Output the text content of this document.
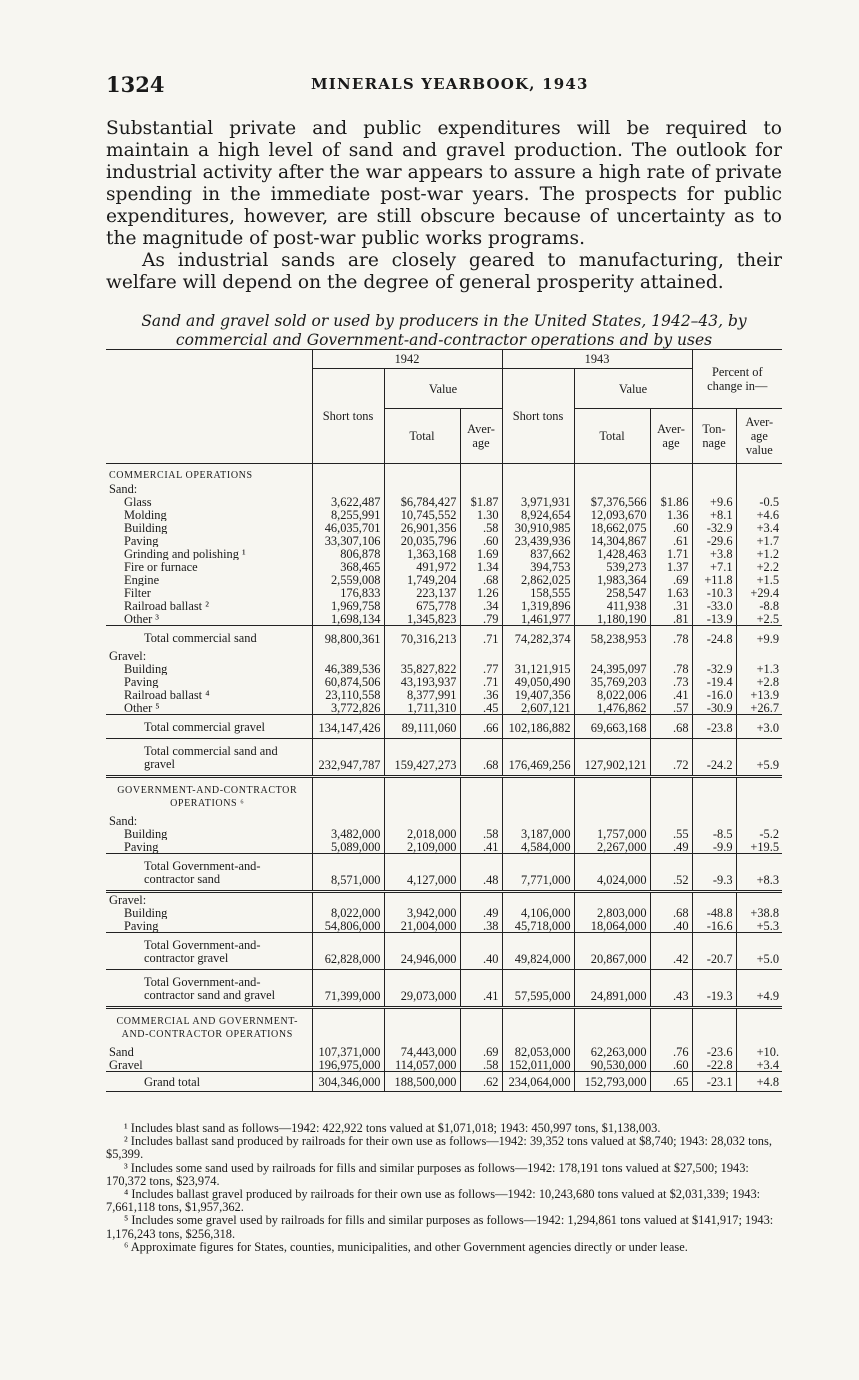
1324	MINERALS YEARBOOK, 1943

Substantial private and public expenditures will be required to maintain a high level of sand and gravel production. The outlook for industrial activity after the war appears to assure a high rate of private spending in the immediate post-war years. The prospects for public expenditures, however, are still obscure because of uncertainty as to the magnitude of post-war public works programs.

As industrial sands are closely geared to manufacturing, their welfare will depend on the degree of general prosperity attained.

Sand and gravel sold or used by producers in the United States, 1942–43, by commercial and Government-and-contractor operations and by uses
	1942			1943			Percent of change in—	
	Short tons	Value		Short tons	Value			
		Total	Aver-age		Total	Aver-age	Ton-nage	Aver-age value
COMMERCIAL OPERATIONS								
Sand:								
Glass	3,622,487	$6,784,427	$1.87	3,971,931	$7,376,566	$1.86	+9.6	-0.5
Molding	8,255,991	10,745,552	1.30	8,924,654	12,093,670	1.36	+8.1	+4.6
Building	46,035,701	26,901,356	.58	30,910,985	18,662,075	.60	-32.9	+3.4
Paving	33,307,106	20,035,796	.60	23,439,936	14,304,867	.61	-29.6	+1.7
Grinding and polishing ¹	806,878	1,363,168	1.69	837,662	1,428,463	1.71	+3.8	+1.2
Fire or furnace	368,465	491,972	1.34	394,753	539,273	1.37	+7.1	+2.2
Engine	2,559,008	1,749,204	.68	2,862,025	1,983,364	.69	+11.8	+1.5
Filter	176,833	223,137	1.26	158,555	258,547	1.63	-10.3	+29.4
Railroad ballast ²	1,969,758	675,778	.34	1,319,896	411,938	.31	-33.0	-8.8
Other ³	1,698,134	1,345,823	.79	1,461,977	1,180,190	.81	-13.9	+2.5
Total commercial sand	98,800,361	70,316,213	.71	74,282,374	58,238,953	.78	-24.8	+9.9
Gravel:								
Building	46,389,536	35,827,822	.77	31,121,915	24,395,097	.78	-32.9	+1.3
Paving	60,874,506	43,193,937	.71	49,050,490	35,769,203	.73	-19.4	+2.8
Railroad ballast ⁴	23,110,558	8,377,991	.36	19,407,356	8,022,006	.41	-16.0	+13.9
Other ⁵	3,772,826	1,711,310	.45	2,607,121	1,476,862	.57	-30.9	+26.7
Total commercial gravel	134,147,426	89,111,060	.66	102,186,882	69,663,168	.68	-23.8	+3.0
Total commercial sand and gravel	232,947,787	159,427,273	.68	176,469,256	127,902,121	.72	-24.2	+5.9
GOVERNMENT-AND-CONTRACTOR OPERATIONS ⁶								
Sand:								
Building	3,482,000	2,018,000	.58	3,187,000	1,757,000	.55	-8.5	-5.2
Paving	5,089,000	2,109,000	.41	4,584,000	2,267,000	.49	-9.9	+19.5
Total Government-and-contractor sand	8,571,000	4,127,000	.48	7,771,000	4,024,000	.52	-9.3	+8.3
Gravel:								
Building	8,022,000	3,942,000	.49	4,106,000	2,803,000	.68	-48.8	+38.8
Paving	54,806,000	21,004,000	.38	45,718,000	18,064,000	.40	-16.6	+5.3
Total Government-and-contractor gravel	62,828,000	24,946,000	.40	49,824,000	20,867,000	.42	-20.7	+5.0
Total Government-and-contractor sand and gravel	71,399,000	29,073,000	.41	57,595,000	24,891,000	.43	-19.3	+4.9
COMMERCIAL AND GOVERNMENT-AND-CONTRACTOR OPERATIONS								
Sand	107,371,000	74,443,000	.69	82,053,000	62,263,000	.76	-23.6	+10.
Gravel	196,975,000	114,057,000	.58	152,011,000	90,530,000	.60	-22.8	+3.4
Grand total	304,346,000	188,500,000	.62	234,064,000	152,793,000	.65	-23.1	+4.8

¹ Includes blast sand as follows—1942: 422,922 tons valued at $1,071,018; 1943: 450,997 tons, $1,138,003.

² Includes ballast sand produced by railroads for their own use as follows—1942: 39,352 tons valued at $8,740; 1943: 28,032 tons, $5,399.

³ Includes some sand used by railroads for fills and similar purposes as follows—1942: 178,191 tons valued at $27,500; 1943: 170,372 tons, $23,974.

⁴ Includes ballast gravel produced by railroads for their own use as follows—1942: 10,243,680 tons valued at $2,031,339; 1943: 7,661,118 tons, $1,957,362.

⁵ Includes some gravel used by railroads for fills and similar purposes as follows—1942: 1,294,861 tons valued at $141,917; 1943: 1,176,243 tons, $256,318.

⁶ Approximate figures for States, counties, municipalities, and other Government agencies directly or under lease.
